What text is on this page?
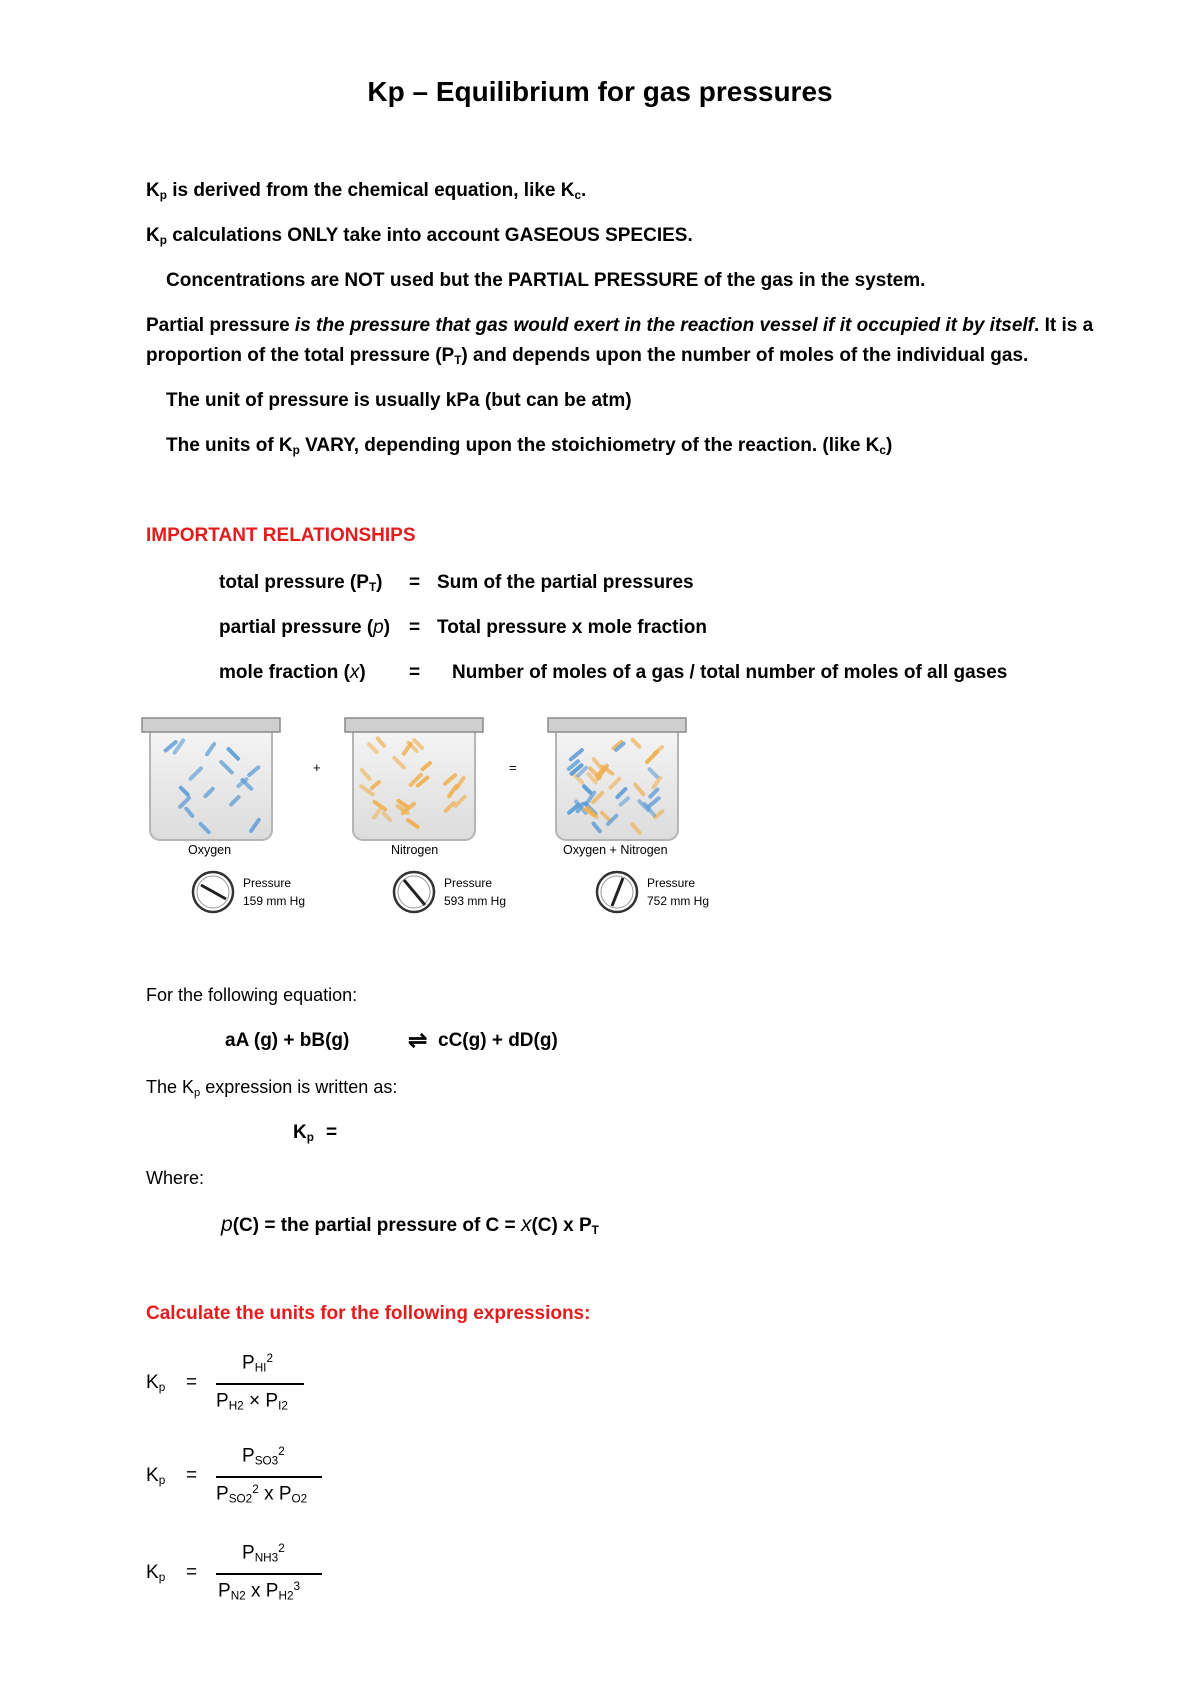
Kp – Equilibrium for gas pressures
$K_p$ is derived from the chemical equation, like $K_c$.
$K_p$ calculations ONLY take into account GASEOUS SPECIES.
Concentrations are NOT used but the PARTIAL PRESSURE of the gas in the system.
Partial pressure is the pressure that gas would exert in the reaction vessel if it occupied it by itself. It is a
proportion of the total pressure $(P_T)$ and depends upon the number of moles of the individual gas.
The unit of pressure is usually kPa (but can be atm)
The units of $K_p$ VARY, depending upon the stoichiometry of the reaction. (like $K_c$)
IMPORTANT RELATIONSHIPS
total pressure $(P_T)$ = Sum of the partial pressures
partial pressure (p) = Total pressure x mole fraction
mole fraction (x) = Number of moles of a gas / total number of moles of all gases
+	=
Oxygen	Nitrogen	Oxygen + Nitrogen
Pressure
159 mm Hg
Pressure
593 mm Hg
Pressure
752 mm Hg
For the following equation:
aA (g) + bB(g)	⇌ cC(g) + dD(g)
The $K_p$ expression is written as:
$K_p$ =
Where:
p(C) = the partial pressure of C = x(C) x $P_T$
Calculate the units for the following expressions:
$K_p$ =
$P_{HI}^2$
$P_{H2} \times P_{I2}$
$K_p$ =
$P_{SO3}^2$
$P_{SO2}^2$ x $P_{O2}$
$K_p$ =
$P_{NH3}^2$
$P_{N2}$ x $P_{H2}^3$
